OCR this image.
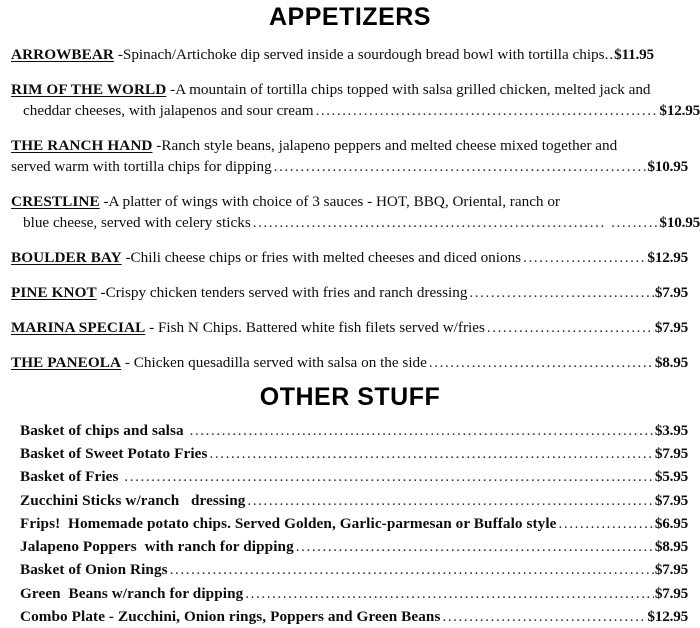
APPETIZERS
ARROWBEAR - Spinach/Artichoke dip served inside a sourdough bread bowl with tortilla chips .. $11.95
RIM OF THE WORLD - A mountain of tortilla chips topped with salsa grilled chicken, melted jack and
cheddar cheeses, with jalapenos and sour cream .....	$12.95
THE RANCH HAND - Ranch style beans, jalapeno peppers and melted cheese mixed together and
served warm with tortilla chips for dipping .....	$10.95
CRESTLINE - A platter of wings with choice of 3 sauces - HOT, BBQ, Oriental, ranch or
blue cheese, served with celery sticks .....	$10.95
BOULDER BAY - Chili cheese chips or fries with melted cheeses and diced onions .....	$12.95
PINE KNOT - Crispy chicken tenders served with fries and ranch dressing .....	$7.95
MARINA SPECIAL - Fish N Chips. Battered white fish filets served w/fries .....	$7.95
THE PANEOLA - Chicken quesadilla served with salsa on the side .....	$8.95
OTHER STUFF
Basket of chips and salsa .....	$3.95
Basket of Sweet Potato Fries .....	$7.95
Basket of Fries .....	$5.95
Zucchini Sticks w/ranch   dressing .....	$7.95
Frips!  Homemade potato chips. Served Golden, Garlic-parmesan or Buffalo style .....	$6.95
Jalapeno Poppers  with ranch for dipping .....	$8.95
Basket of Onion Rings .....	$7.95
Green  Beans w/ranch for dipping .....	$7.95
Combo Plate - Zucchini, Onion rings, Poppers and Green Beans .....	$12.95
